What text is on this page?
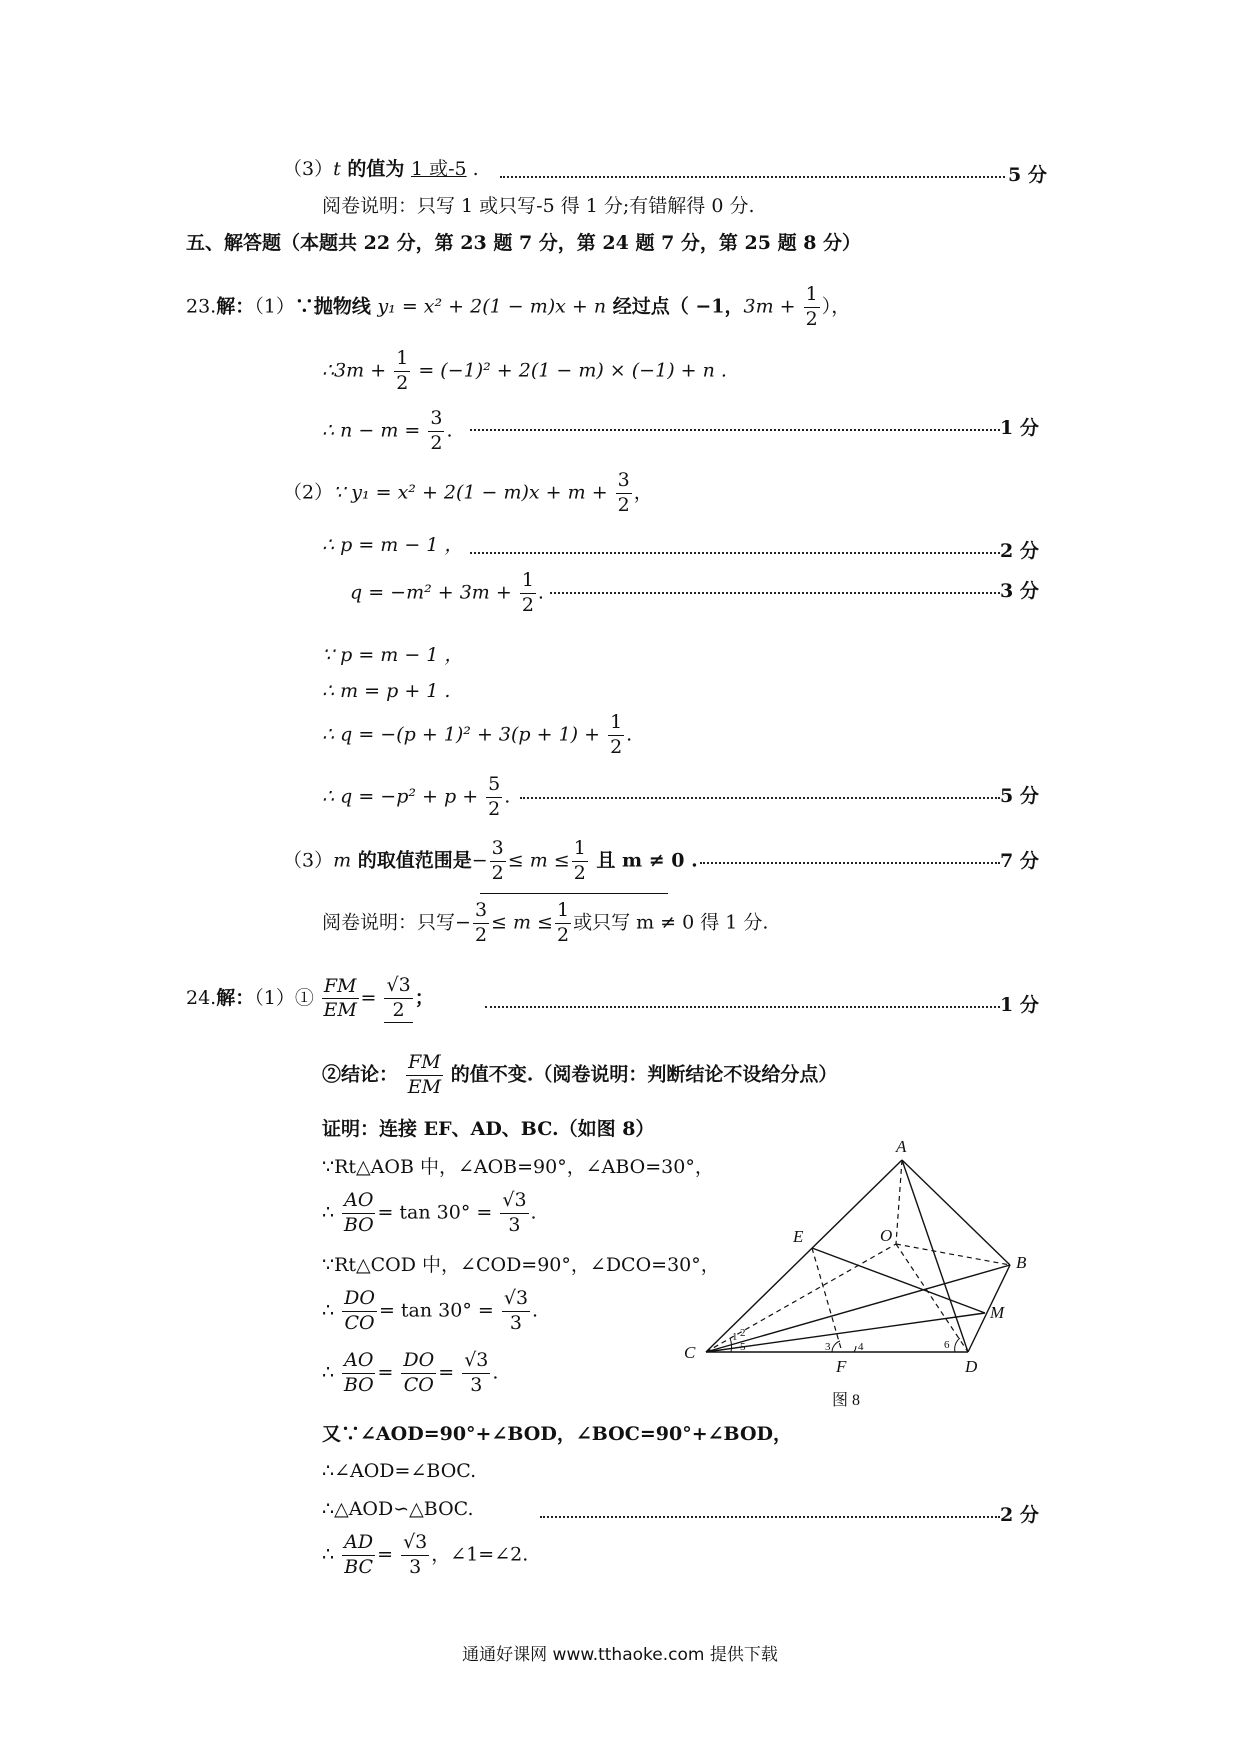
（3）t 的值为 1 或-5 .	5 分
阅卷说明：只写 1 或只写-5 得 1 分;有错解得 0 分.
五、解答题（本题共 22 分，第 23 题 7 分，第 24 题 7 分，第 25 题 8 分）
23.解：（1）∵抛物线 y₁ = x² + 2(1 − m)x + n 经过点（ −1，$3m + \frac{1}{2}$ ），
∴3m + $\frac{1}{2} = (-1)^2 + 2(1 - m) \times (-1) + n$ .
∴ $n - m = \frac{3}{2}$ .	1 分
（2）∵ $y_1 = x^2 + 2(1 - m)x + m + \frac{3}{2}$ ，
∴ p = m − 1 ，	2 分
$q = -m^2 + 3m + \frac{1}{2}$ .	3 分
∵ p = m − 1 ，
∴ m = p + 1 .
∴ $q = -(p + 1)^2 + 3(p + 1) + \frac{1}{2}$ .
∴ $q = -p^2 + p + \frac{5}{2}$ .	5 分
（3）m 的取值范围是− $\frac{3}{2} \le m \le \frac{1}{2}$ 且 m ≠ 0 .	7 分
阅卷说明：只写− $\frac{3}{2} \le m \le \frac{1}{2}$ 或只写 m ≠ 0 得 1 分.
24.解：（1）① $\frac{FM}{EM} = \frac{√3}{2}$ ；	1 分
②结论： $\frac{FM}{EM}$ 的值不变.（阅卷说明：判断结论不设给分点）
证明：连接 EF、AD、BC.（如图 8）
∵Rt△AOB 中，∠AOB=90°，∠ABO=30°，
∴ $\frac{AO}{BO} = \tan 30^\circ = \frac{√3}{3}$ .
∵Rt△COD 中，∠COD=90°，∠DCO=30°，
∴ $\frac{DO}{CO} = \tan 30^\circ = \frac{√3}{3}$ .
∴ $\frac{AO}{BO} = \frac{DO}{CO} = \frac{√3}{3}$ .
又∵∠AOD=90°+∠BOD，∠BOC=90°+∠BOD，
∴∠AOD=∠BOC.
∴△AOD∽△BOC.	2 分
∴ $\frac{AD}{BC} = \frac{√3}{3}$ ，∠1=∠2.
A
B
C
D
E
F
M
O
1 2
3	4
5	6
图 8
通通好课网 www.tthaoke.com 提供下载
